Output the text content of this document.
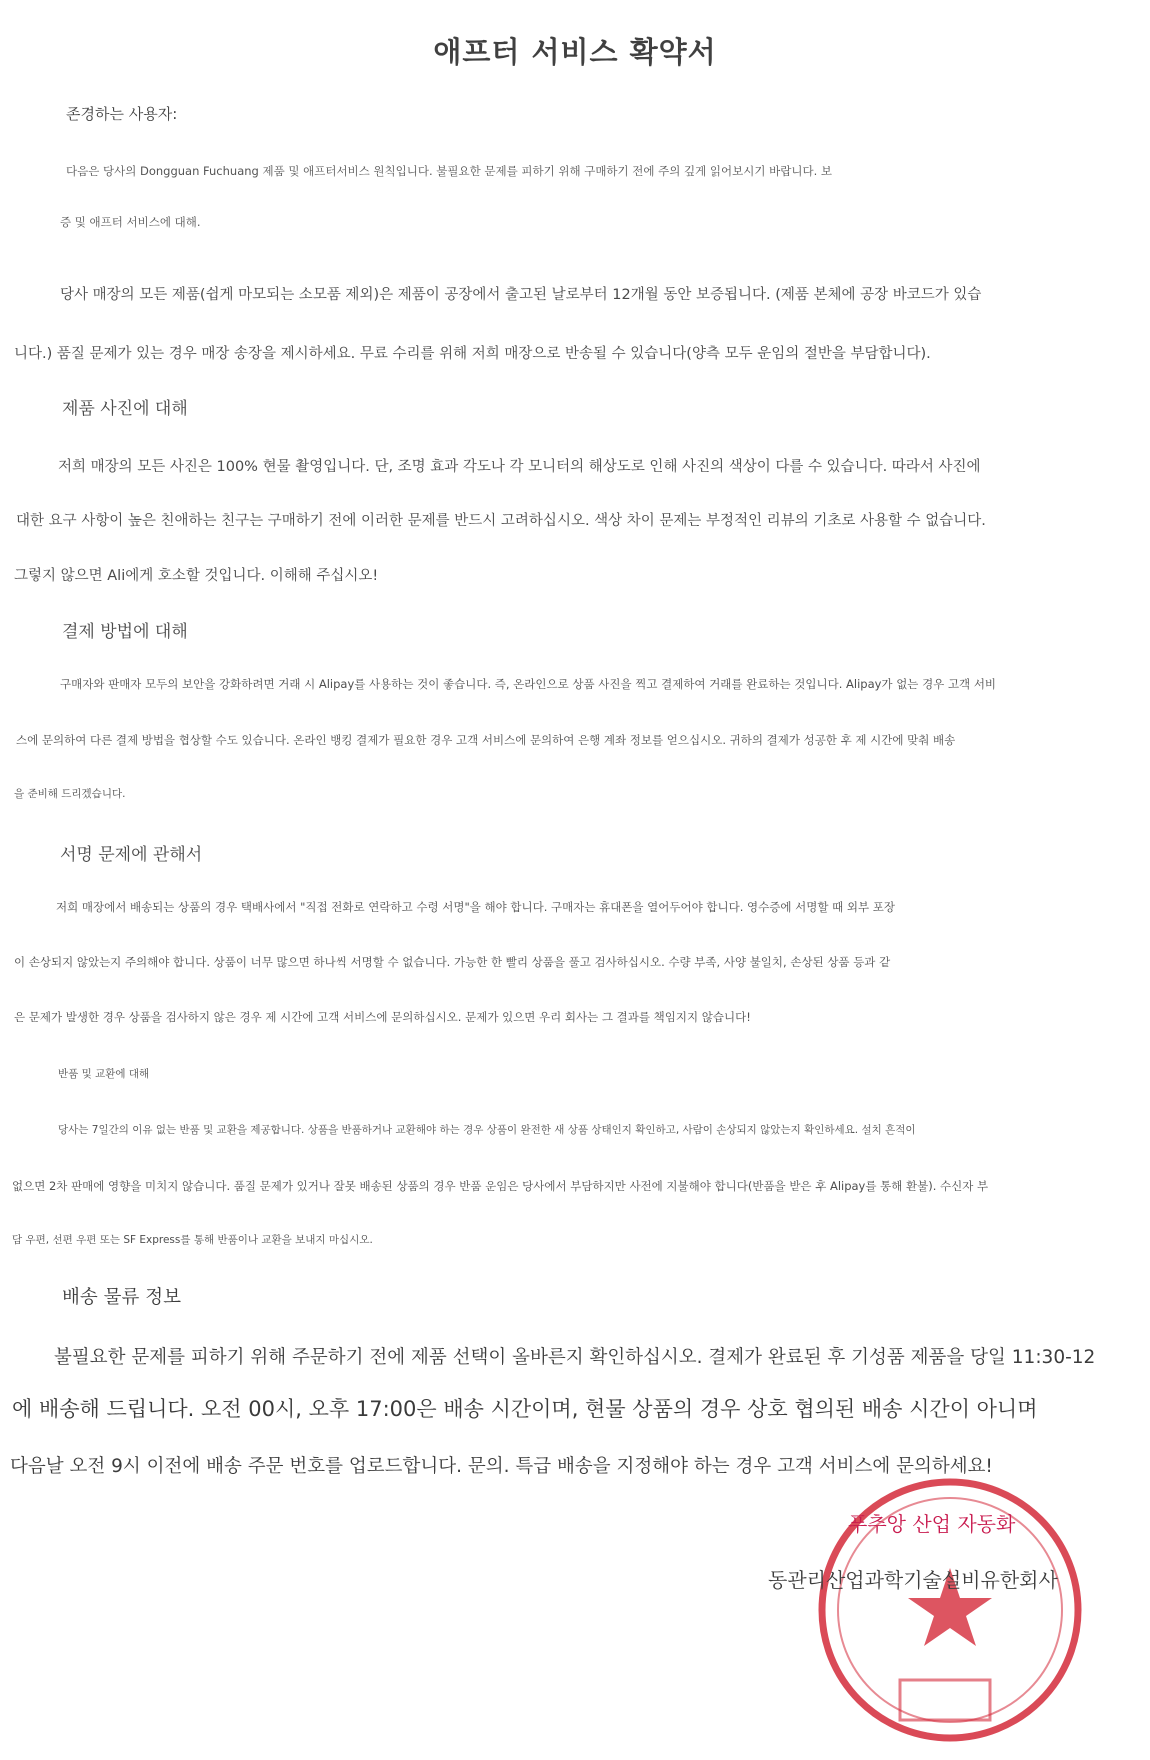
애프터 서비스 확약서

존경하는 사용자:

다음은 당사의 Dongguan Fuchuang 제품 및 애프터서비스 원칙입니다. 불필요한 문제를 피하기 위해 구매하기 전에 주의 깊게 읽어보시기 바랍니다. 보

증 및 애프터 서비스에 대해.

당사 매장의 모든 제품(쉽게 마모되는 소모품 제외)은 제품이 공장에서 출고된 날로부터 12개월 동안 보증됩니다. (제품 본체에 공장 바코드가 있습

니다.) 품질 문제가 있는 경우 매장 송장을 제시하세요. 무료 수리를 위해 저희 매장으로 반송될 수 있습니다(양측 모두 운임의 절반을 부담합니다).

제품 사진에 대해

저희 매장의 모든 사진은 100% 현물 촬영입니다. 단, 조명 효과 각도나 각 모니터의 해상도로 인해 사진의 색상이 다를 수 있습니다. 따라서 사진에

대한 요구 사항이 높은 친애하는 친구는 구매하기 전에 이러한 문제를 반드시 고려하십시오. 색상 차이 문제는 부정적인 리뷰의 기초로 사용할 수 없습니다.

그렇지 않으면 Ali에게 호소할 것입니다. 이해해 주십시오!

결제 방법에 대해

구매자와 판매자 모두의 보안을 강화하려면 거래 시 Alipay를 사용하는 것이 좋습니다. 즉, 온라인으로 상품 사진을 찍고 결제하여 거래를 완료하는 것입니다. Alipay가 없는 경우 고객 서비

스에 문의하여 다른 결제 방법을 협상할 수도 있습니다. 온라인 뱅킹 결제가 필요한 경우 고객 서비스에 문의하여 은행 계좌 정보를 얻으십시오. 귀하의 결제가 성공한 후 제 시간에 맞춰 배송

을 준비해 드리겠습니다.

서명 문제에 관해서

저희 매장에서 배송되는 상품의 경우 택배사에서 "직접 전화로 연락하고 수령 서명"을 해야 합니다. 구매자는 휴대폰을 열어두어야 합니다. 영수증에 서명할 때 외부 포장

이 손상되지 않았는지 주의해야 합니다. 상품이 너무 많으면 하나씩 서명할 수 없습니다. 가능한 한 빨리 상품을 풀고 검사하십시오. 수량 부족, 사양 불일치, 손상된 상품 등과 같

은 문제가 발생한 경우 상품을 검사하지 않은 경우 제 시간에 고객 서비스에 문의하십시오. 문제가 있으면 우리 회사는 그 결과를 책임지지 않습니다!

반품 및 교환에 대해

당사는 7일간의 이유 없는 반품 및 교환을 제공합니다. 상품을 반품하거나 교환해야 하는 경우 상품이 완전한 새 상품 상태인지 확인하고, 사람이 손상되지 않았는지 확인하세요. 설치 흔적이

없으면 2차 판매에 영향을 미치지 않습니다. 품질 문제가 있거나 잘못 배송된 상품의 경우 반품 운임은 당사에서 부담하지만 사전에 지불해야 합니다(반품을 받은 후 Alipay를 통해 환불). 수신자 부

담 우편, 선편 우편 또는 SF Express를 통해 반품이나 교환을 보내지 마십시오.

배송 물류 정보

불필요한 문제를 피하기 위해 주문하기 전에 제품 선택이 올바른지 확인하십시오. 결제가 완료된 후 기성품 제품을 당일 11:30-12

에 배송해 드립니다. 오전 00시, 오후 17:00은 배송 시간이며, 현물 상품의 경우 상호 협의된 배송 시간이 아니며

다음날 오전 9시 이전에 배송 주문 번호를 업로드합니다. 문의. 특급 배송을 지정해야 하는 경우 고객 서비스에 문의하세요!

푸추앙 산업 자동화

동관리산업과학기술설비유한회사
